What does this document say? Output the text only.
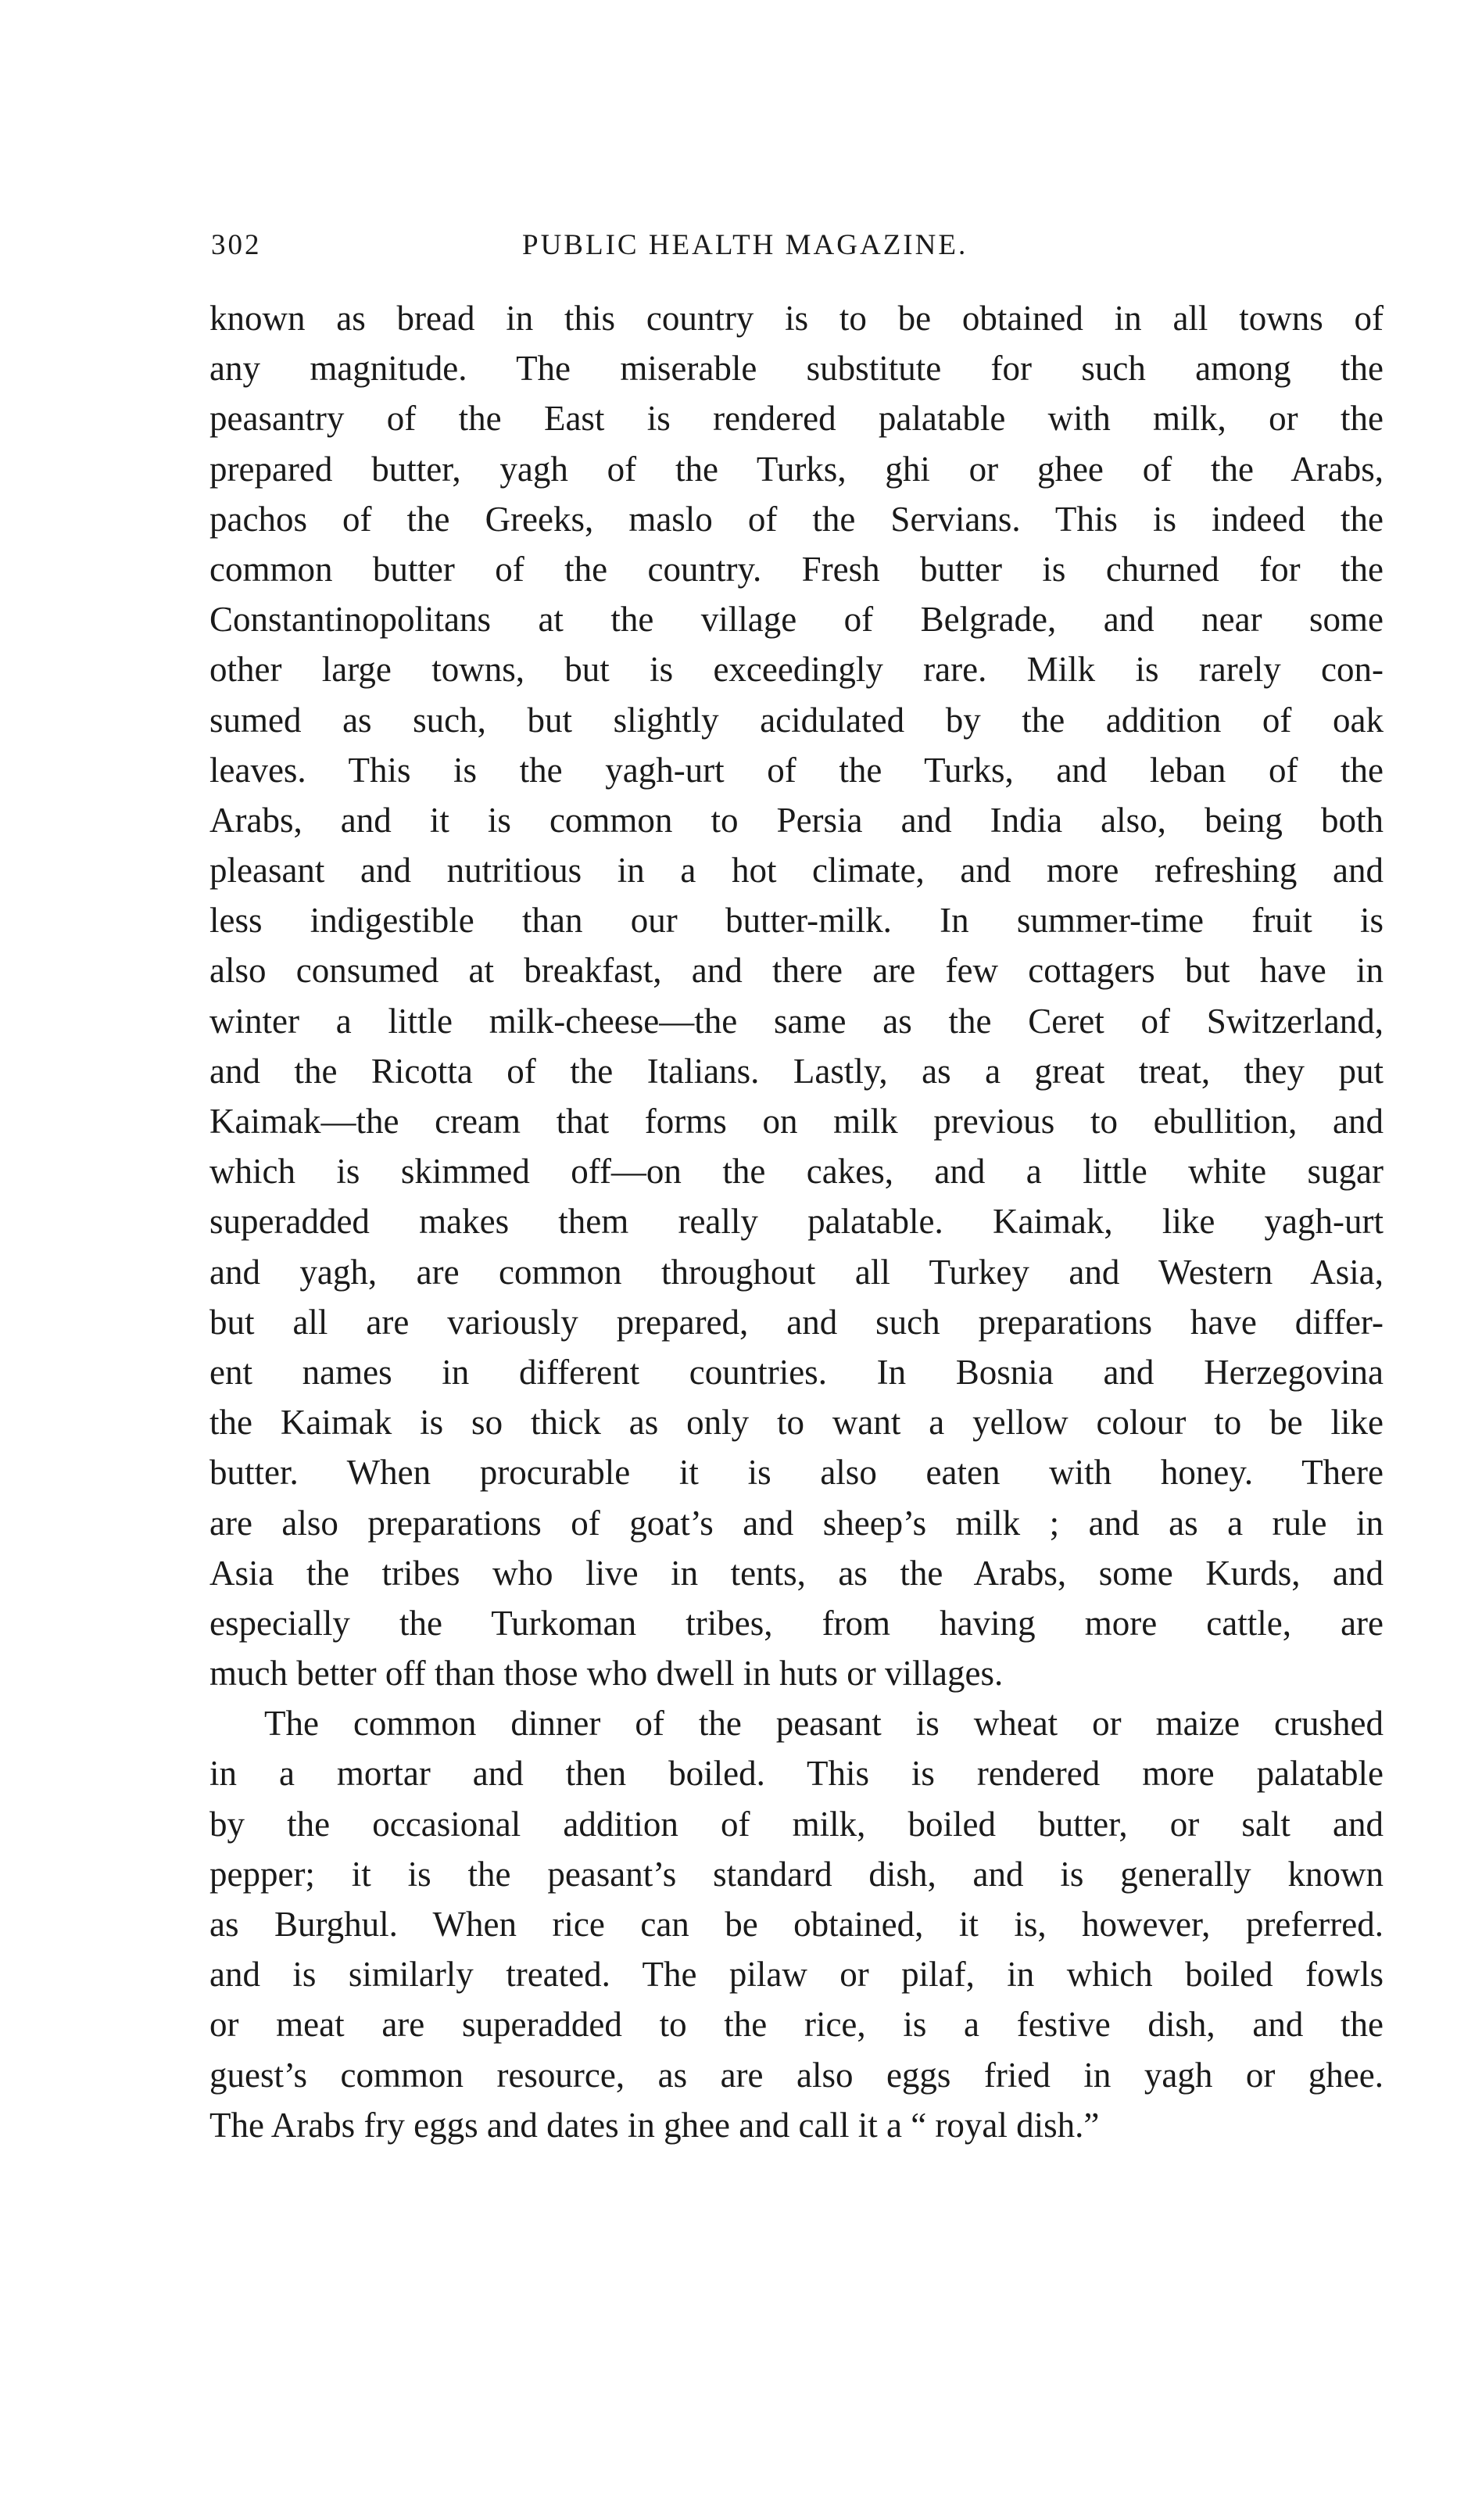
302	PUBLIC HEALTH MAGAZINE.

known as bread in this country is to be obtained in all towns of
any magnitude. The miserable substitute for such among the
peasantry of the East is rendered palatable with milk, or the
prepared butter, yagh of the Turks, ghi or ghee of the Arabs,
pachos of the Greeks, maslo of the Servians. This is indeed the
common butter of the country. Fresh butter is churned for the
Constantinopolitans at the village of Belgrade, and near some
other large towns, but is exceedingly rare. Milk is rarely con-
sumed as such, but slightly acidulated by the addition of oak
leaves. This is the yagh-urt of the Turks, and leban of the
Arabs, and it is common to Persia and India also, being both
pleasant and nutritious in a hot climate, and more refreshing and
less indigestible than our butter-milk. In summer-time fruit is
also consumed at breakfast, and there are few cottagers but have in
winter a little milk-cheese—the same as the Ceret of Switzerland,
and the Ricotta of the Italians. Lastly, as a great treat, they put
Kaimak—the cream that forms on milk previous to ebullition, and
which is skimmed off—on the cakes, and a little white sugar
superadded makes them really palatable. Kaimak, like yagh-urt
and yagh, are common throughout all Turkey and Western Asia,
but all are variously prepared, and such preparations have differ-
ent names in different countries. In Bosnia and Herzegovina
the Kaimak is so thick as only to want a yellow colour to be like
butter. When procurable it is also eaten with honey. There
are also preparations of goat’s and sheep’s milk ; and as a rule in
Asia the tribes who live in tents, as the Arabs, some Kurds, and
especially the Turkoman tribes, from having more cattle, are
much better off than those who dwell in huts or villages.

The common dinner of the peasant is wheat or maize crushed
in a mortar and then boiled. This is rendered more palatable
by the occasional addition of milk, boiled butter, or salt and
pepper; it is the peasant’s standard dish, and is generally known
as Burghul. When rice can be obtained, it is, however, preferred.
and is similarly treated. The pilaw or pilaf, in which boiled fowls
or meat are superadded to the rice, is a festive dish, and the
guest’s common resource, as are also eggs fried in yagh or ghee.
The Arabs fry eggs and dates in ghee and call it a “ royal dish.”
